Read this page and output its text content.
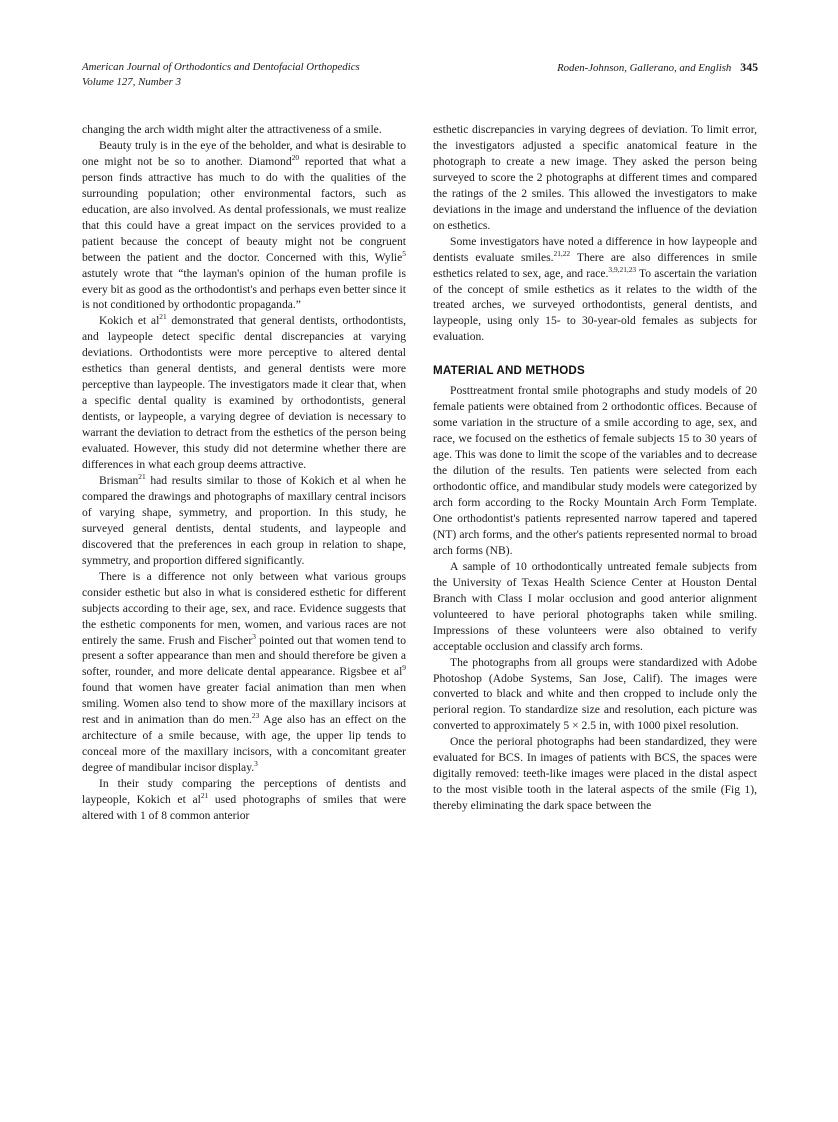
American Journal of Orthodontics and Dentofacial Orthopedics
Volume 127, Number 3
Roden-Johnson, Gallerano, and English 345

changing the arch width might alter the attractiveness of a smile.

Beauty truly is in the eye of the beholder, and what is desirable to one might not be so to another. Diamond$^{20}$ reported that what a person finds attractive has much to do with the qualities of the surrounding population; other environmental factors, such as education, are also involved. As dental professionals, we must realize that this could have a great impact on the services provided to a patient because the concept of beauty might not be congruent between the patient and the doctor. Concerned with this, Wylie$^5$ astutely wrote that “the layman's opinion of the human profile is every bit as good as the orthodontist's and perhaps even better since it is not conditioned by orthodontic propaganda.”

Kokich et $al^{21}$ demonstrated that general dentists, orthodontists, and laypeople detect specific dental discrepancies at varying deviations. Orthodontists were more perceptive to altered dental esthetics than general dentists, and general dentists were more perceptive than laypeople. The investigators made it clear that, when a specific dental quality is examined by orthodontists, general dentists, or laypeople, a varying degree of deviation is necessary to warrant the deviation to detract from the esthetics of the person being evaluated. However, this study did not determine whether there are differences in what each group deems attractive.

Brisman$^{21}$ had results similar to those of Kokich et al when he compared the drawings and photographs of maxillary central incisors of varying shape, symmetry, and proportion. In this study, he surveyed general dentists, dental students, and laypeople and discovered that the preferences in each group in relation to shape, symmetry, and proportion differed significantly.

There is a difference not only between what various groups consider esthetic but also in what is considered esthetic for different subjects according to their age, sex, and race. Evidence suggests that the esthetic components for men, women, and various races are not entirely the same. Frush and Fischer$^3$ pointed out that women tend to present a softer appearance than men and should therefore be given a softer, rounder, and more delicate dental appearance. Rigsbee et $al^9$ found that women have greater facial animation than men when smiling. Women also tend to show more of the maxillary incisors at rest and in animation than do men.$^{23}$ Age also has an effect on the architecture of a smile because, with age, the upper lip tends to conceal more of the maxillary incisors, with a concomitant greater degree of mandibular incisor display.$^3$

In their study comparing the perceptions of dentists and laypeople, Kokich et $al^{21}$ used photographs of smiles that were altered with 1 of 8 common anterior

esthetic discrepancies in varying degrees of deviation. To limit error, the investigators adjusted a specific anatomical feature in the photograph to create a new image. They asked the person being surveyed to score the 2 photographs at different times and compared the ratings of the 2 smiles. This allowed the investigators to make deviations in the image and understand the influence of the deviation on esthetics.

Some investigators have noted a difference in how laypeople and dentists evaluate smiles.$^{21,22}$ There are also differences in smile esthetics related to sex, age, and race.$^{3,9,21,23}$ To ascertain the variation of the concept of smile esthetics as it relates to the width of the treated arches, we surveyed orthodontists, general dentists, and laypeople, using only 15- to 30-year-old females as subjects for evaluation.

MATERIAL AND METHODS

Posttreatment frontal smile photographs and study models of 20 female patients were obtained from 2 orthodontic offices. Because of some variation in the structure of a smile according to age, sex, and race, we focused on the esthetics of female subjects 15 to 30 years of age. This was done to limit the scope of the variables and to decrease the dilution of the results. Ten patients were selected from each orthodontic office, and mandibular study models were categorized by arch form according to the Rocky Mountain Arch Form Template. One orthodontist's patients represented narrow tapered and tapered (NT) arch forms, and the other's patients represented normal to broad arch forms (NB).

A sample of 10 orthodontically untreated female subjects from the University of Texas Health Science Center at Houston Dental Branch with Class I molar occlusion and good anterior alignment volunteered to have perioral photographs taken while smiling. Impressions of these volunteers were also obtained to verify acceptable occlusion and classify arch forms.

The photographs from all groups were standardized with Adobe Photoshop (Adobe Systems, San Jose, Calif). The images were converted to black and white and then cropped to include only the perioral region. To standardize size and resolution, each picture was converted to approximately 5 × 2.5 in, with 1000 pixel resolution.

Once the perioral photographs had been standardized, they were evaluated for BCS. In images of patients with BCS, the spaces were digitally removed: teeth-like images were placed in the distal aspect to the most visible tooth in the lateral aspects of the smile (Fig 1), thereby eliminating the dark space between the
